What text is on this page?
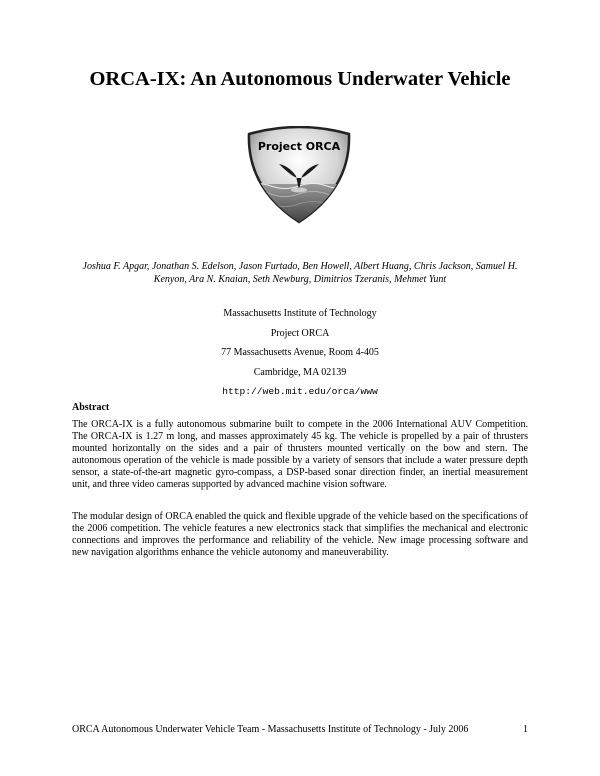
ORCA-IX: An Autonomous Underwater Vehicle
Project ORCA
Joshua F. Apgar, Jonathan S. Edelson, Jason Furtado, Ben Howell, Albert Huang, Chris Jackson, Samuel H. Kenyon, Ara N. Knaian, Seth Newburg, Dimitrios Tzeranis, Mehmet Yunt
Massachusetts Institute of Technology
Project ORCA
77 Massachusetts Avenue, Room 4-405
Cambridge, MA 02139
http://web.mit.edu/orca/www
Abstract

The ORCA-IX is a fully autonomous submarine built to compete in the 2006 International AUV Competition. The ORCA-IX is 1.27 m long, and masses approximately 45 kg. The vehicle is propelled by a pair of thrusters mounted horizontally on the sides and a pair of thrusters mounted vertically on the bow and stern. The autonomous operation of the vehicle is made possible by a variety of sensors that include a water pressure depth sensor, a state-of-the-art magnetic gyro-compass, a DSP-based sonar direction finder, an inertial measurement unit, and three video cameras supported by advanced machine vision software.

The modular design of ORCA enabled the quick and flexible upgrade of the vehicle based on the specifications of the 2006 competition. The vehicle features a new electronics stack that simplifies the mechanical and electronic connections and improves the performance and reliability of the vehicle. New image processing software and new navigation algorithms enhance the vehicle autonomy and maneuverability.

ORCA Autonomous Underwater Vehicle Team - Massachusetts Institute of Technology - July 2006	1
